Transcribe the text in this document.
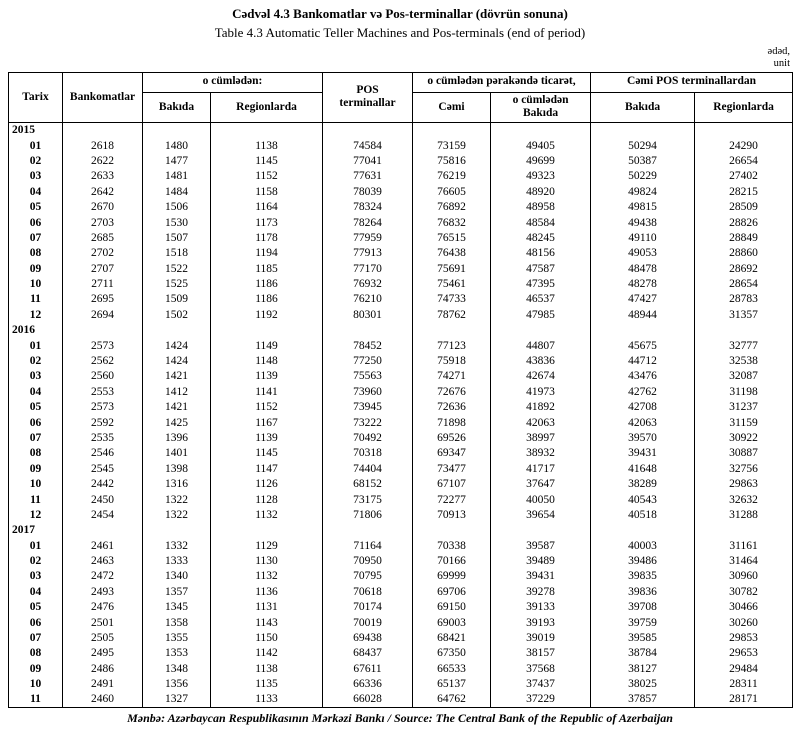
Cədvəl 4.3 Bankomatlar və Pos-terminallar (dövrün sonuna)
Table 4.3 Automatic Teller Machines and Pos-terminals (end of period)
ədəd,
unit
Tarix	Bankomatlar	o cümlədən:		POS terminallar	o cümlədən pərakəndə ticarət,		Cəmi POS terminallardan	
		Bakıda	Regionlarda		Cəmi	o cümlədən Bakıda	Bakıda	Regionlarda
2015								
01	2618	1480	1138	74584	73159	49405	50294	24290
02	2622	1477	1145	77041	75816	49699	50387	26654
03	2633	1481	1152	77631	76219	49323	50229	27402
04	2642	1484	1158	78039	76605	48920	49824	28215
05	2670	1506	1164	78324	76892	48958	49815	28509
06	2703	1530	1173	78264	76832	48584	49438	28826
07	2685	1507	1178	77959	76515	48245	49110	28849
08	2702	1518	1194	77913	76438	48156	49053	28860
09	2707	1522	1185	77170	75691	47587	48478	28692
10	2711	1525	1186	76932	75461	47395	48278	28654
11	2695	1509	1186	76210	74733	46537	47427	28783
12	2694	1502	1192	80301	78762	47985	48944	31357
2016								
01	2573	1424	1149	78452	77123	44807	45675	32777
02	2562	1424	1148	77250	75918	43836	44712	32538
03	2560	1421	1139	75563	74271	42674	43476	32087
04	2553	1412	1141	73960	72676	41973	42762	31198
05	2573	1421	1152	73945	72636	41892	42708	31237
06	2592	1425	1167	73222	71898	42063	42063	31159
07	2535	1396	1139	70492	69526	38997	39570	30922
08	2546	1401	1145	70318	69347	38932	39431	30887
09	2545	1398	1147	74404	73477	41717	41648	32756
10	2442	1316	1126	68152	67107	37647	38289	29863
11	2450	1322	1128	73175	72277	40050	40543	32632
12	2454	1322	1132	71806	70913	39654	40518	31288
2017								
01	2461	1332	1129	71164	70338	39587	40003	31161
02	2463	1333	1130	70950	70166	39489	39486	31464
03	2472	1340	1132	70795	69999	39431	39835	30960
04	2493	1357	1136	70618	69706	39278	39836	30782
05	2476	1345	1131	70174	69150	39133	39708	30466
06	2501	1358	1143	70019	69003	39193	39759	30260
07	2505	1355	1150	69438	68421	39019	39585	29853
08	2495	1353	1142	68437	67350	38157	38784	29653
09	2486	1348	1138	67611	66533	37568	38127	29484
10	2491	1356	1135	66336	65137	37437	38025	28311
11	2460	1327	1133	66028	64762	37229	37857	28171
Mənbə: Azərbaycan Respublikasının Mərkəzi Bankı / Source: The Central Bank of the Republic of Azerbaijan
